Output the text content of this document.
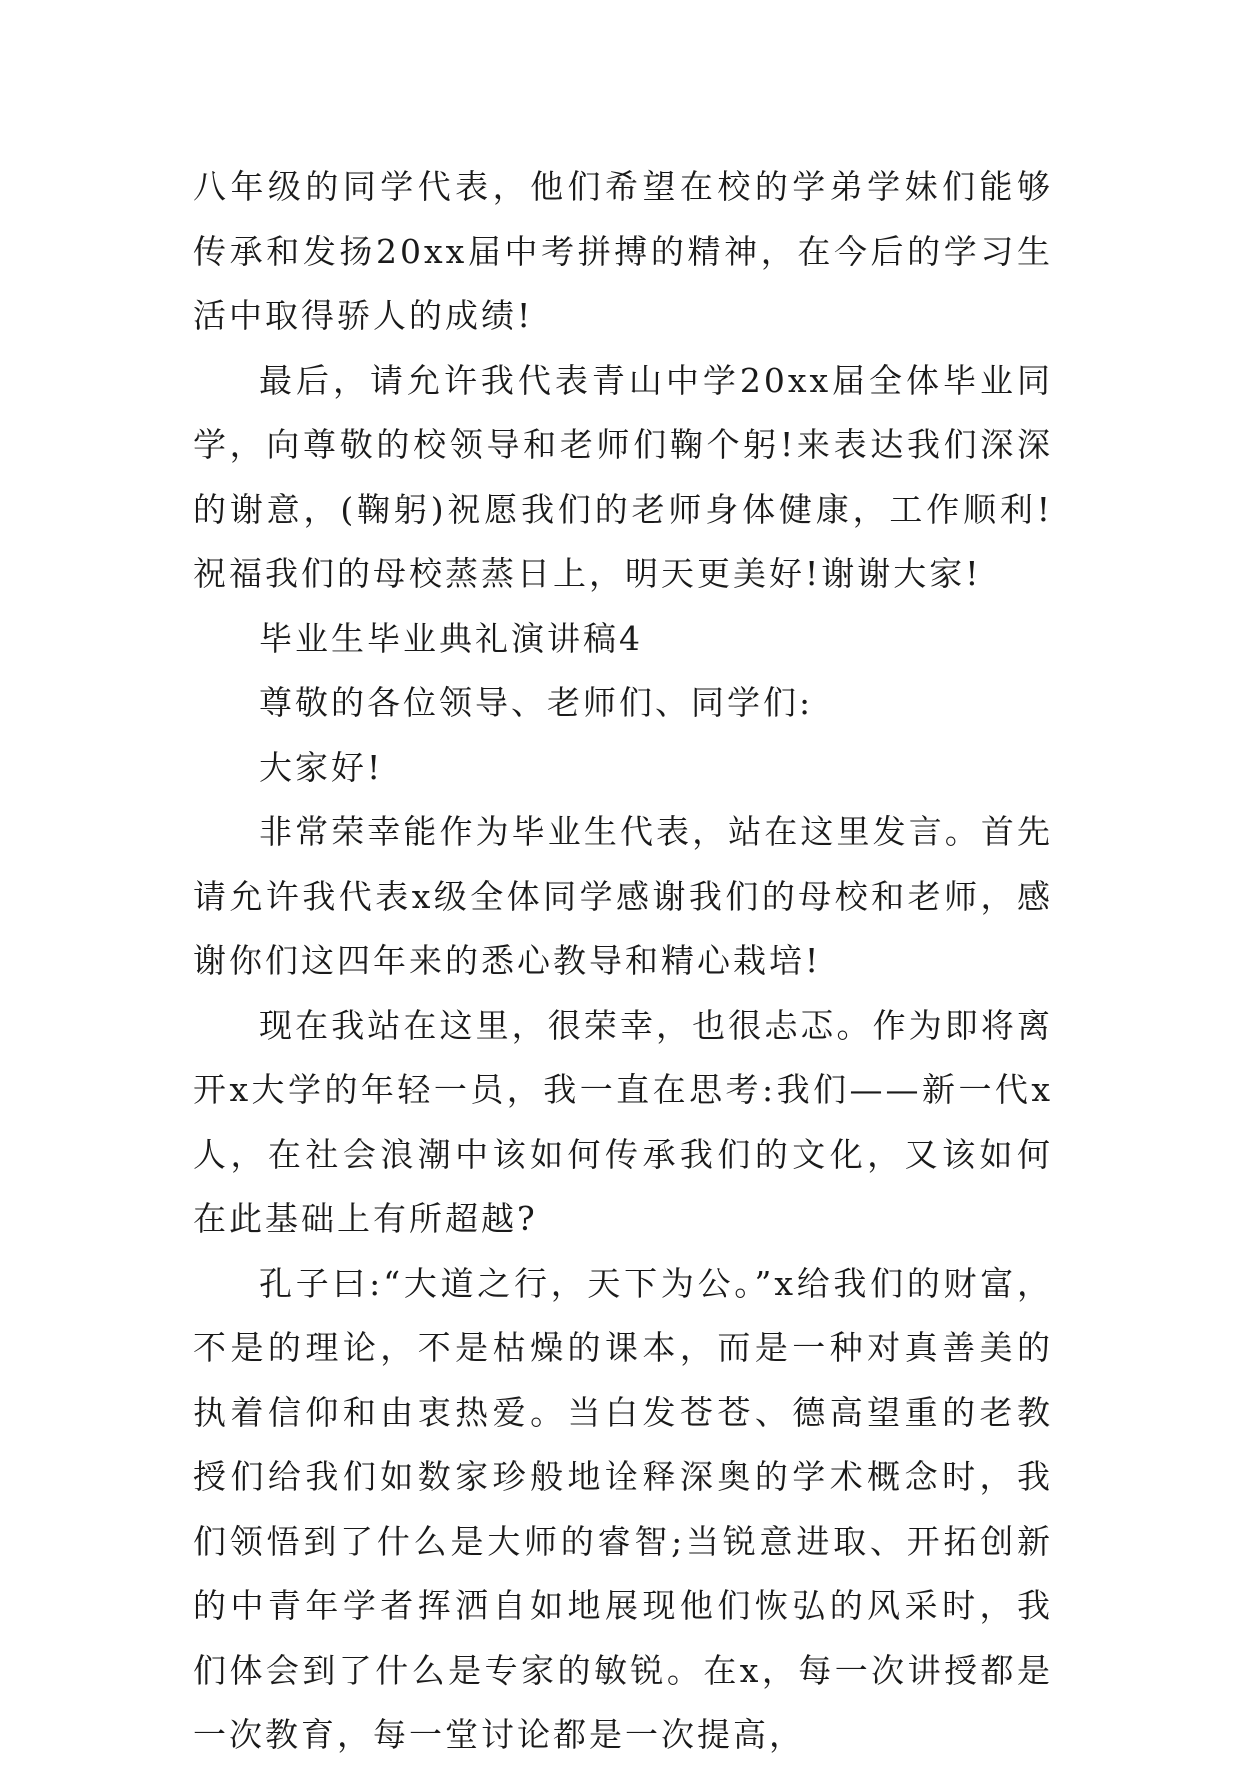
八年级的同学代表，他们希望在校的学弟学妹们能够传承和发扬20xx届中考拼搏的精神，在今后的学习生活中取得骄人的成绩!

最后，请允许我代表青山中学20xx届全体毕业同学，向尊敬的校领导和老师们鞠个躬!来表达我们深深的谢意，(鞠躬)祝愿我们的老师身体健康，工作顺利!祝福我们的母校蒸蒸日上，明天更美好!谢谢大家!

毕业生毕业典礼演讲稿4

尊敬的各位领导、老师们、同学们:

大家好!

非常荣幸能作为毕业生代表，站在这里发言。首先请允许我代表x级全体同学感谢我们的母校和老师，感谢你们这四年来的悉心教导和精心栽培!

现在我站在这里，很荣幸，也很忐忑。作为即将离开x大学的年轻一员，我一直在思考:我们——新一代x人，在社会浪潮中该如何传承我们的文化，又该如何在此基础上有所超越?

孔子曰:“大道之行，天下为公。”x给我们的财富，不是的理论，不是枯燥的课本，而是一种对真善美的执着信仰和由衷热爱。当白发苍苍、德高望重的老教授们给我们如数家珍般地诠释深奥的学术概念时，我们领悟到了什么是大师的睿智;当锐意进取、开拓创新的中青年学者挥洒自如地展现他们恢弘的风采时，我们体会到了什么是专家的敏锐。在x，每一次讲授都是一次教育，每一堂讨论都是一次提高，
